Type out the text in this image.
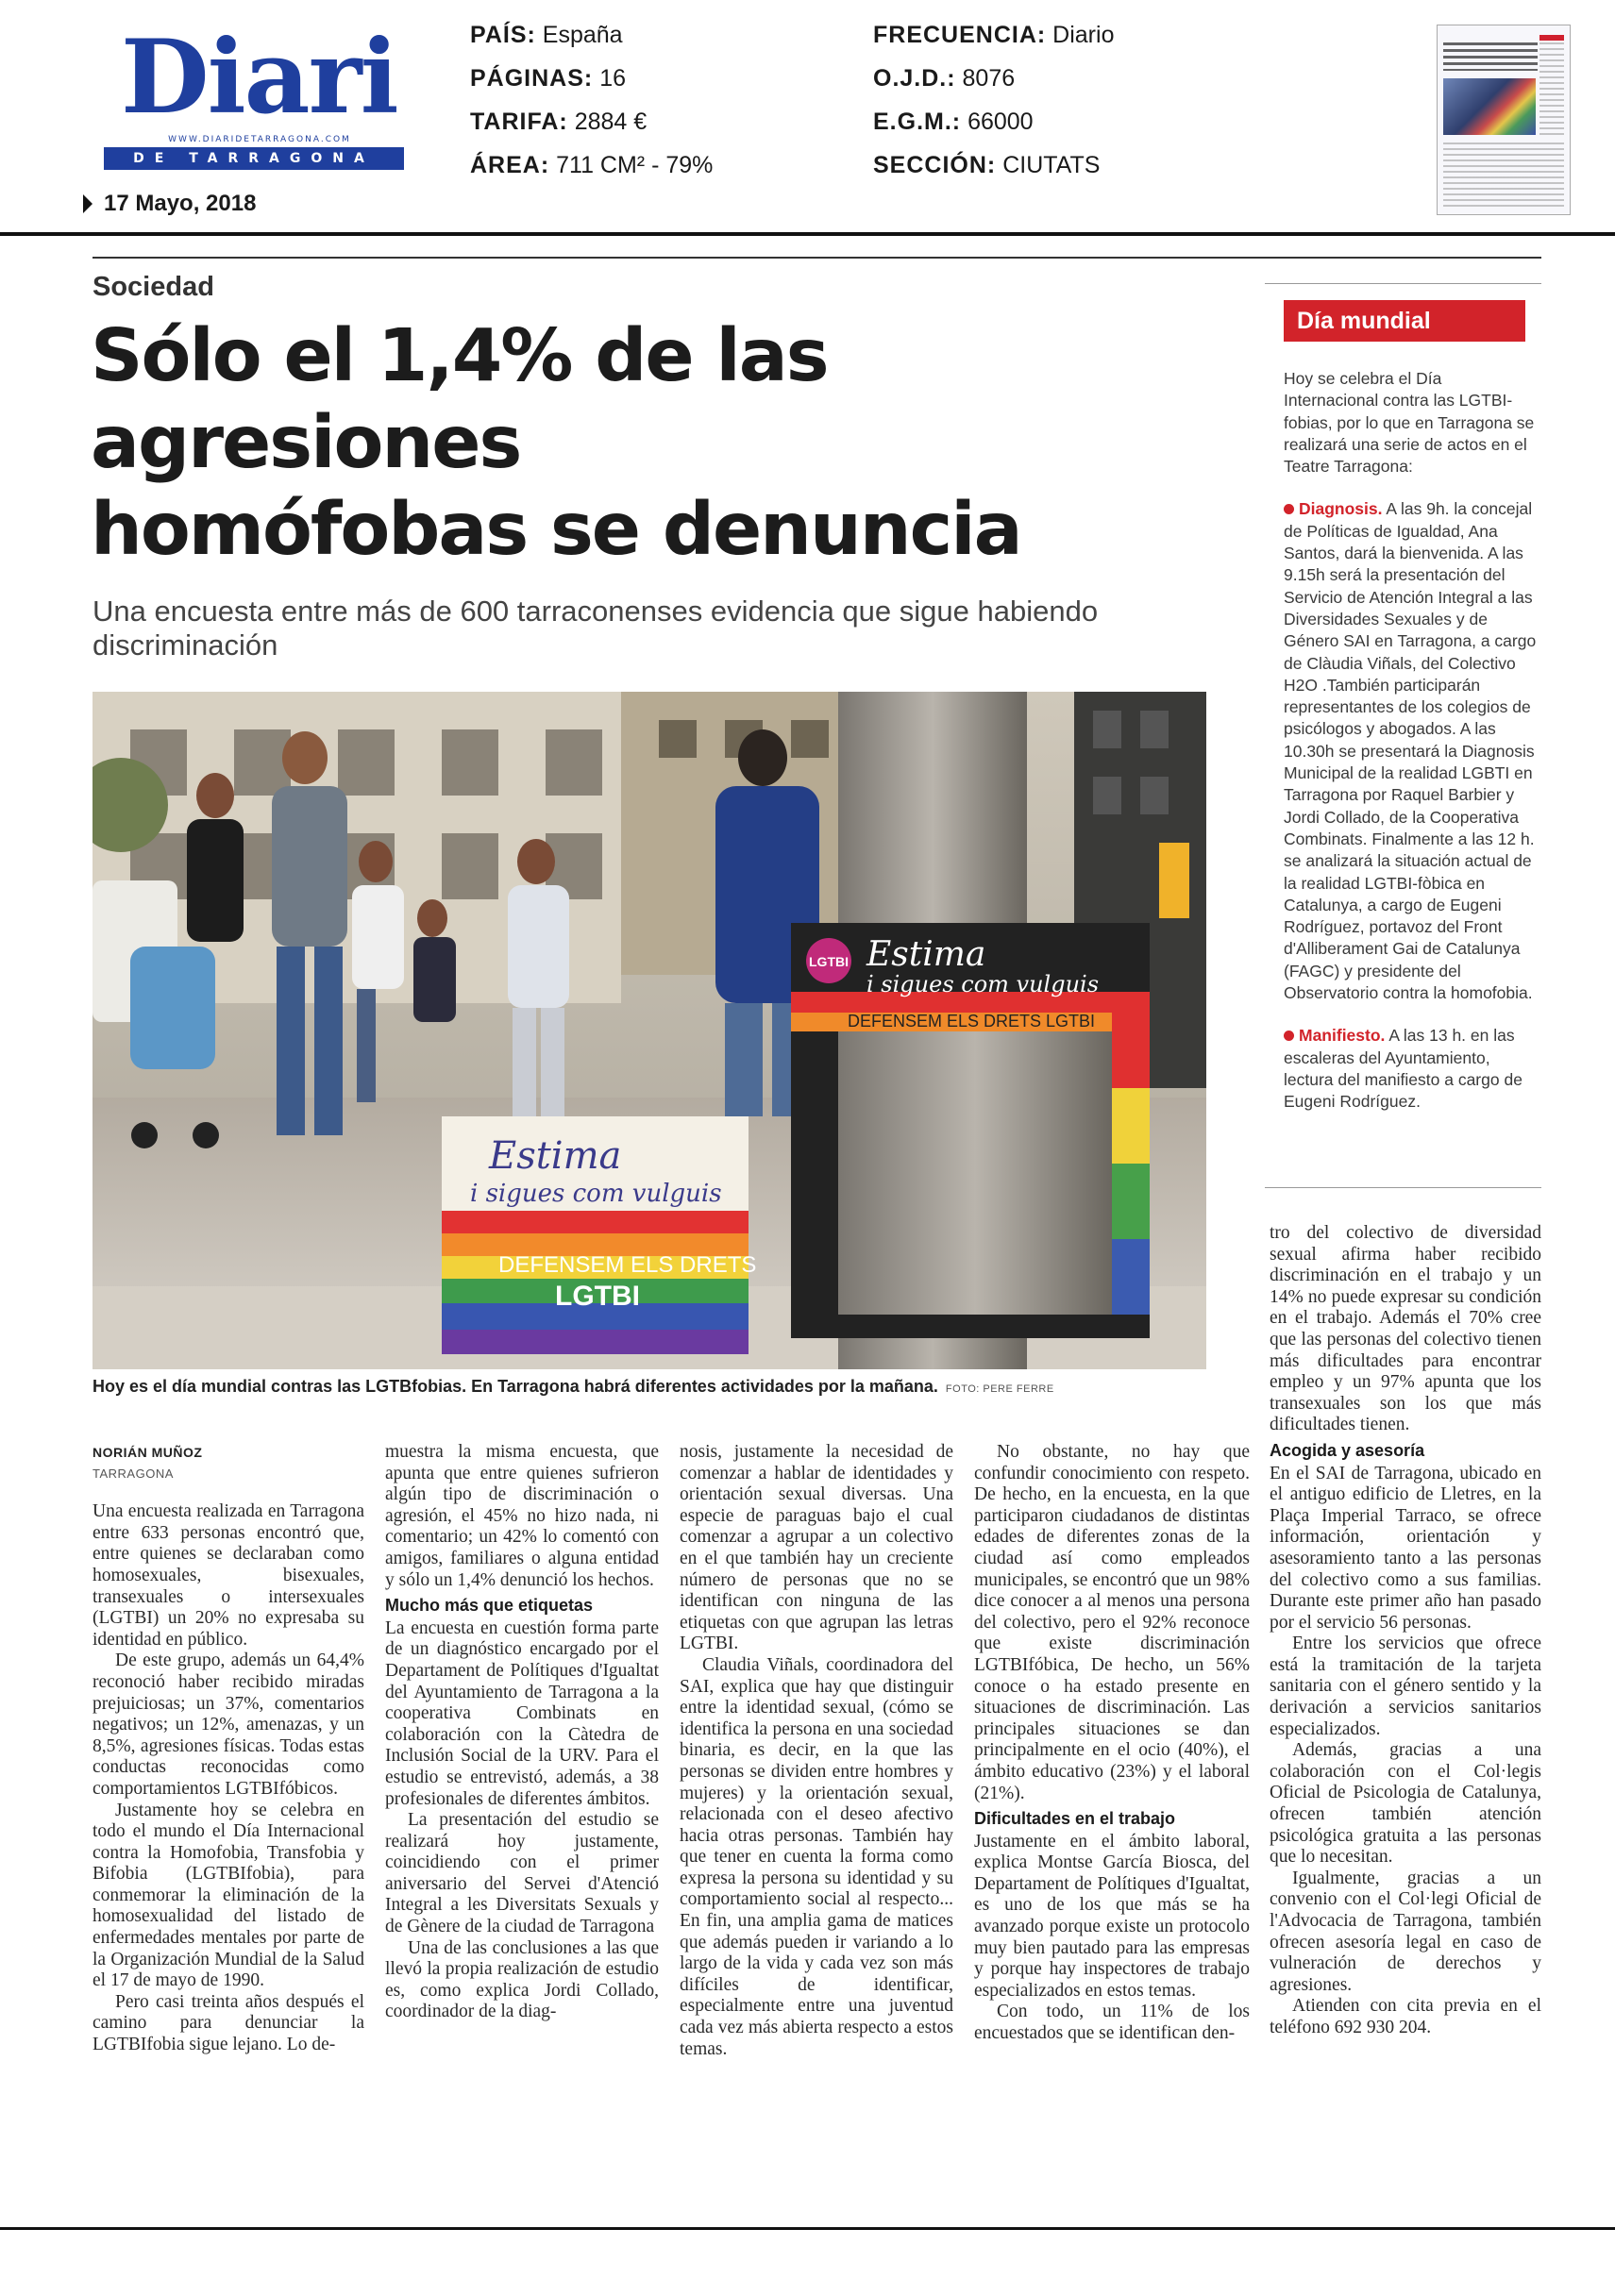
Diari
WWW.DIARIDETARRAGONA.COM
DE TARRAGONA
17 Mayo, 2018
PAÍS: España
PÁGINAS: 16
TARIFA: 2884 €
ÁREA: 711 CM² - 79%
FRECUENCIA: Diario
O.J.D.: 8076
E.G.M.: 66000
SECCIÓN: CIUTATS
Sociedad
Sólo el 1,4% de las agresiones
homófobas se denuncia
Una encuesta entre más de 600 tarraconenses evidencia que sigue habiendo discriminación
LGTBI Estima
i sigues com vulguis
DEFENSEM ELS DRETS LGTBI
Estima
i sigues com vulguis
DEFENSEM ELS DRETS
LGTBI
Hoy es el día mundial contras las LGTBfobias. En Tarragona habrá diferentes actividades por la mañana. FOTO: PERE FERRE
Día mundial

Hoy se celebra el Día Internacional contra las LGTBI-fobias, por lo que en Tarragona se realizará una serie de actos en el Teatre Tarragona:

Diagnosis. A las 9h. la concejal de Políticas de Igualdad, Ana Santos, dará la bienvenida. A las 9.15h será la presentación del Servicio de Atención Integral a las Diversidades Sexuales y de Género SAI en Tarragona, a cargo de Clàudia Viñals, del Colectivo H2O .También participarán representantes de los colegios de psicólogos y abogados. A las 10.30h se presentará la Diagnosis Municipal de la realidad LGBTI en Tarragona por Raquel Barbier y Jordi Collado, de la Cooperativa Combinats. Finalmente a las 12 h. se analizará la situación actual de la realidad LGTBI-fòbica en Catalunya, a cargo de Eugeni Rodríguez, portavoz del Front d'Alliberament Gai de Catalunya (FAGC) y presidente del Observatorio contra la homofobia.

Manifiesto. A las 13 h. en las escaleras del Ayuntamiento, lectura del manifiesto a cargo de Eugeni Rodríguez.

NORIÁN MUÑOZ
TARRAGONA

Una encuesta realizada en Tarragona entre 633 personas encontró que, entre quienes se declaraban como homosexuales, bisexuales, transexuales o intersexuales (LGTBI) un 20% no expresaba su identidad en público.

De este grupo, además un 64,4% reconoció haber recibido miradas prejuiciosas; un 37%, comentarios negativos; un 12%, amenazas, y un 8,5%, agresiones físicas. Todas estas conductas reconocidas como comportamientos LGTBIfóbicos.

Justamente hoy se celebra en todo el mundo el Día Internacional contra la Homofobia, Transfobia y Bifobia (LGTBIfobia), para conmemorar la eliminación de la homosexualidad del listado de enfermedades mentales por parte de la Organización Mundial de la Salud el 17 de mayo de 1990.

Pero casi treinta años después el camino para denunciar la LGTBIfobia sigue lejano. Lo de-

muestra la misma encuesta, que apunta que entre quienes sufrieron algún tipo de discriminación o agresión, el 45% no hizo nada, ni comentario; un 42% lo comentó con amigos, familiares o alguna entidad y sólo un 1,4% denunció los hechos.

Mucho más que etiquetas

La encuesta en cuestión forma parte de un diagnóstico encargado por el Departament de Polítiques d'Igualtat del Ayuntamiento de Tarragona a la cooperativa Combinats en colaboración con la Càtedra de Inclusión Social de la URV. Para el estudio se entrevistó, además, a 38 profesionales de diferentes ámbitos.

La presentación del estudio se realizará hoy justamente, coincidiendo con el primer aniversario del Servei d'Atenció Integral a les Diversitats Sexuals y de Gènere de la ciudad de Tarragona

Una de las conclusiones a las que llevó la propia realización de estudio es, como explica Jordi Collado, coordinador de la diag-

nosis, justamente la necesidad de comenzar a hablar de identidades y orientación sexual diversas. Una especie de paraguas bajo el cual comenzar a agrupar a un colectivo en el que también hay un creciente número de personas que no se identifican con ninguna de las etiquetas con que agrupan las letras LGTBI.

Claudia Viñals, coordinadora del SAI, explica que hay que distinguir entre la identidad sexual, (cómo se identifica la persona en una sociedad binaria, es decir, en la que las personas se dividen entre hombres y mujeres) y la orientación sexual, relacionada con el deseo afectivo hacia otras personas. También hay que tener en cuenta la forma como expresa la persona su identidad y su comportamiento social al respecto... En fin, una amplia gama de matices que además pueden ir variando a lo largo de la vida y cada vez son más difíciles de identificar, especialmente entre una juventud cada vez más abierta respecto a estos temas.

No obstante, no hay que confundir conocimiento con respeto. De hecho, en la encuesta, en la que participaron ciudadanos de distintas edades de diferentes zonas de la ciudad así como empleados municipales, se encontró que un 98% dice conocer a al menos una persona del colectivo, pero el 92% reconoce que existe discriminación LGTBIfóbica, De hecho, un 56% conoce o ha estado presente en situaciones de discriminación. Las principales situaciones se dan principalmente en el ocio (40%), el ámbito educativo (23%) y el laboral (21%).

Dificultades en el trabajo

Justamente en el ámbito laboral, explica Montse García Biosca, del Departament de Polítiques d'Igualtat, es uno de los que más se ha avanzado porque existe un protocolo muy bien pautado para las empresas y porque hay inspectores de trabajo especializados en estos temas.

Con todo, un 11% de los encuestados que se identifican den-

tro del colectivo de diversidad sexual afirma haber recibido discriminación en el trabajo y un 14% no puede expresar su condición en el trabajo. Además el 70% cree que las personas del colectivo tienen más dificultades para encontrar empleo y un 97% apunta que los transexuales son los que más dificultades tienen.

Acogida y asesoría

En el SAI de Tarragona, ubicado en el antiguo edificio de Lletres, en la Plaça Imperial Tarraco, se ofrece información, orientación y asesoramiento tanto a las personas del colectivo como a sus familias. Durante este primer año han pasado por el servicio 56 personas.

Entre los servicios que ofrece está la tramitación de la tarjeta sanitaria con el género sentido y la derivación a servicios sanitarios especializados.

Además, gracias a una colaboración con el Col·legis Oficial de Psicologia de Catalunya, ofrecen también atención psicológica gratuita a las personas que lo necesitan.

Igualmente, gracias a un convenio con el Col·legi Oficial de l'Advocacia de Tarragona, también ofrecen asesoría legal en caso de vulneración de derechos y agresiones.

Atienden con cita previa en el teléfono 692 930 204.
